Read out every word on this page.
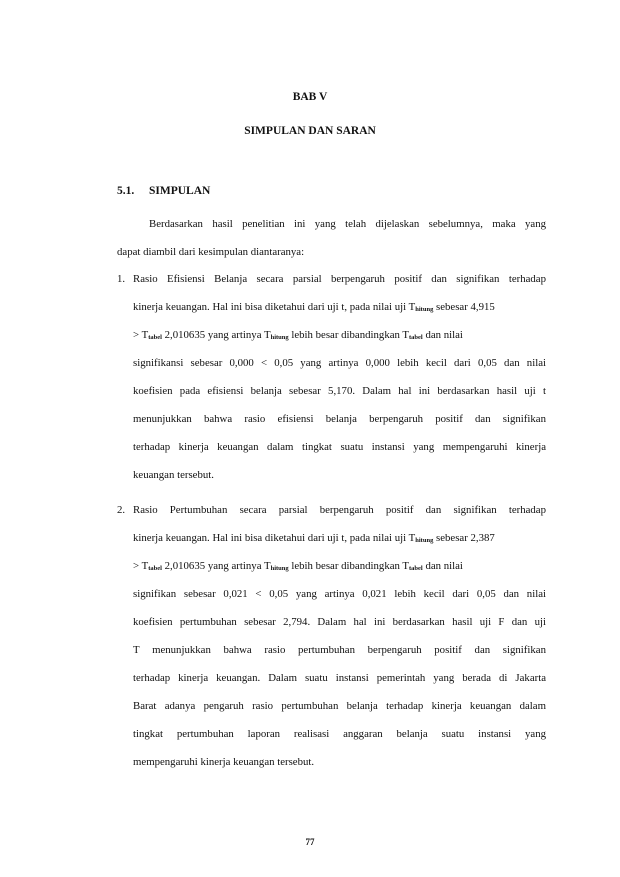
BAB V
SIMPULAN DAN SARAN
5.1. SIMPULAN
Berdasarkan hasil penelitian ini yang telah dijelaskan sebelumnya, maka yang
dapat diambil dari kesimpulan diantaranya:
1. Rasio Efisiensi Belanja secara parsial berpengaruh positif dan signifikan terhadap
kinerja keuangan. Hal ini bisa diketahui dari uji t, pada nilai uji $T_{hitung}$ sebesar 4,915
> $T_{tabel}$ 2,010635 yang artinya $T_{hitung}$ lebih besar dibandingkan $T_{tabel}$ dan nilai
signifikansi sebesar 0,000 < 0,05 yang artinya 0,000 lebih kecil dari 0,05 dan nilai
koefisien pada efisiensi belanja sebesar 5,170. Dalam hal ini berdasarkan hasil uji t
menunjukkan bahwa rasio efisiensi belanja berpengaruh positif dan signifikan
terhadap kinerja keuangan dalam tingkat suatu instansi yang mempengaruhi kinerja
keuangan tersebut.
2. Rasio Pertumbuhan secara parsial berpengaruh positif dan signifikan terhadap
kinerja keuangan. Hal ini bisa diketahui dari uji t, pada nilai uji $T_{hitung}$ sebesar 2,387
> $T_{tabel}$ 2,010635 yang artinya $T_{hitung}$ lebih besar dibandingkan $T_{tabel}$ dan nilai
signifikan sebesar 0,021 < 0,05 yang artinya 0,021 lebih kecil dari 0,05 dan nilai
koefisien pertumbuhan sebesar 2,794. Dalam hal ini berdasarkan hasil uji F dan uji
T menunjukkan bahwa rasio pertumbuhan berpengaruh positif dan signifikan
terhadap kinerja keuangan. Dalam suatu instansi pemerintah yang berada di Jakarta
Barat adanya pengaruh rasio pertumbuhan belanja terhadap kinerja keuangan dalam
tingkat pertumbuhan laporan realisasi anggaran belanja suatu instansi yang
mempengaruhi kinerja keuangan tersebut.
77
